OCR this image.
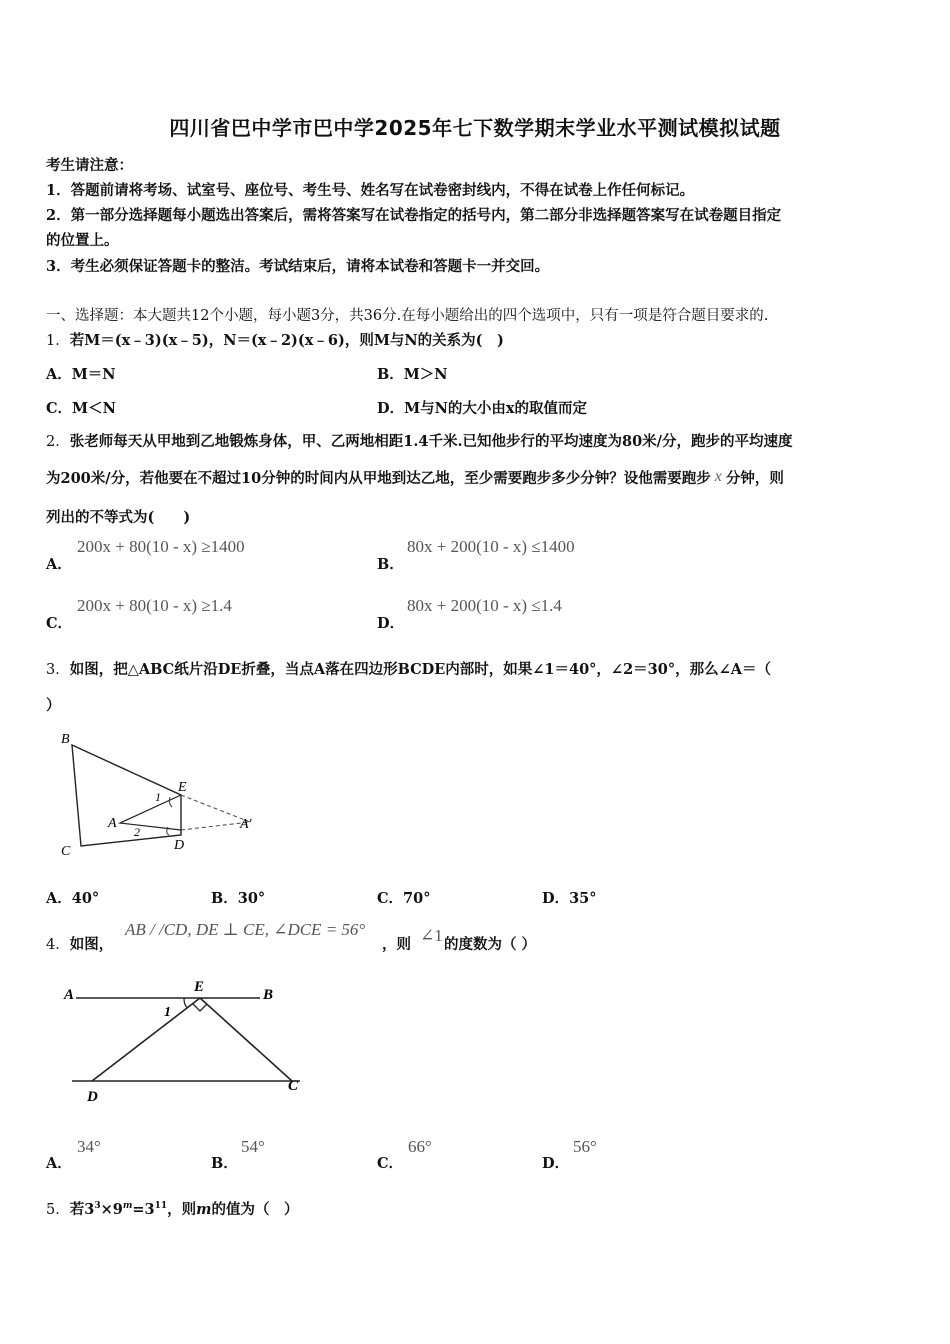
四川省巴中学市巴中学2025年七下数学期末学业水平测试模拟试题
考生请注意：
1．答题前请将考场、试室号、座位号、考生号、姓名写在试卷密封线内，不得在试卷上作任何标记。
2．第一部分选择题每小题选出答案后，需将答案写在试卷指定的括号内，第二部分非选择题答案写在试卷题目指定
的位置上。
3．考生必须保证答题卡的整洁。考试结束后，请将本试卷和答题卡一并交回。
一、选择题：本大题共12个小题，每小题3分，共36分.在每小题给出的四个选项中，只有一项是符合题目要求的.
1．若M＝(x﹣3)(x﹣5)，N＝(x﹣2)(x﹣6)，则M与N的关系为(　)
A．M＝N	B．M＞N
C．M＜N	D．M与N的大小由x的取值而定
2．张老师每天从甲地到乙地锻炼身体，甲、乙两地相距1.4千米.已知他步行的平均速度为80米/分，跑步的平均速度
为200米/分，若他要在不超过10分钟的时间内从甲地到达乙地，至少需要跑步多少分钟？设他需要跑步 x 分钟，则
列出的不等式为(　　)
A．
200x + 80(10 - x) ≥1400
B．
80x + 200(10 - x) ≤1400
C．
200x + 80(10 - x) ≥1.4
D．
80x + 200(10 - x) ≤1.4
3．如图，把△ABC纸片沿DE折叠，当点A落在四边形BCDE内部时，如果∠1＝40°，∠2＝30°，那么∠A＝（
）
B
E
1
A
2	A′
C	D
A．40°	B．30°	C．70°	D．35°
4．如图，
AB / /CD, DE ⊥ CE, ∠DCE = 56°
，则 ∠1 的度数为（ ）
A	E	B
1
D
C
A．
34°
B．
54°
C．
66°
D．
56°
5．若$3^3\times 9^m=3^{11}$，则m的值为（　）
